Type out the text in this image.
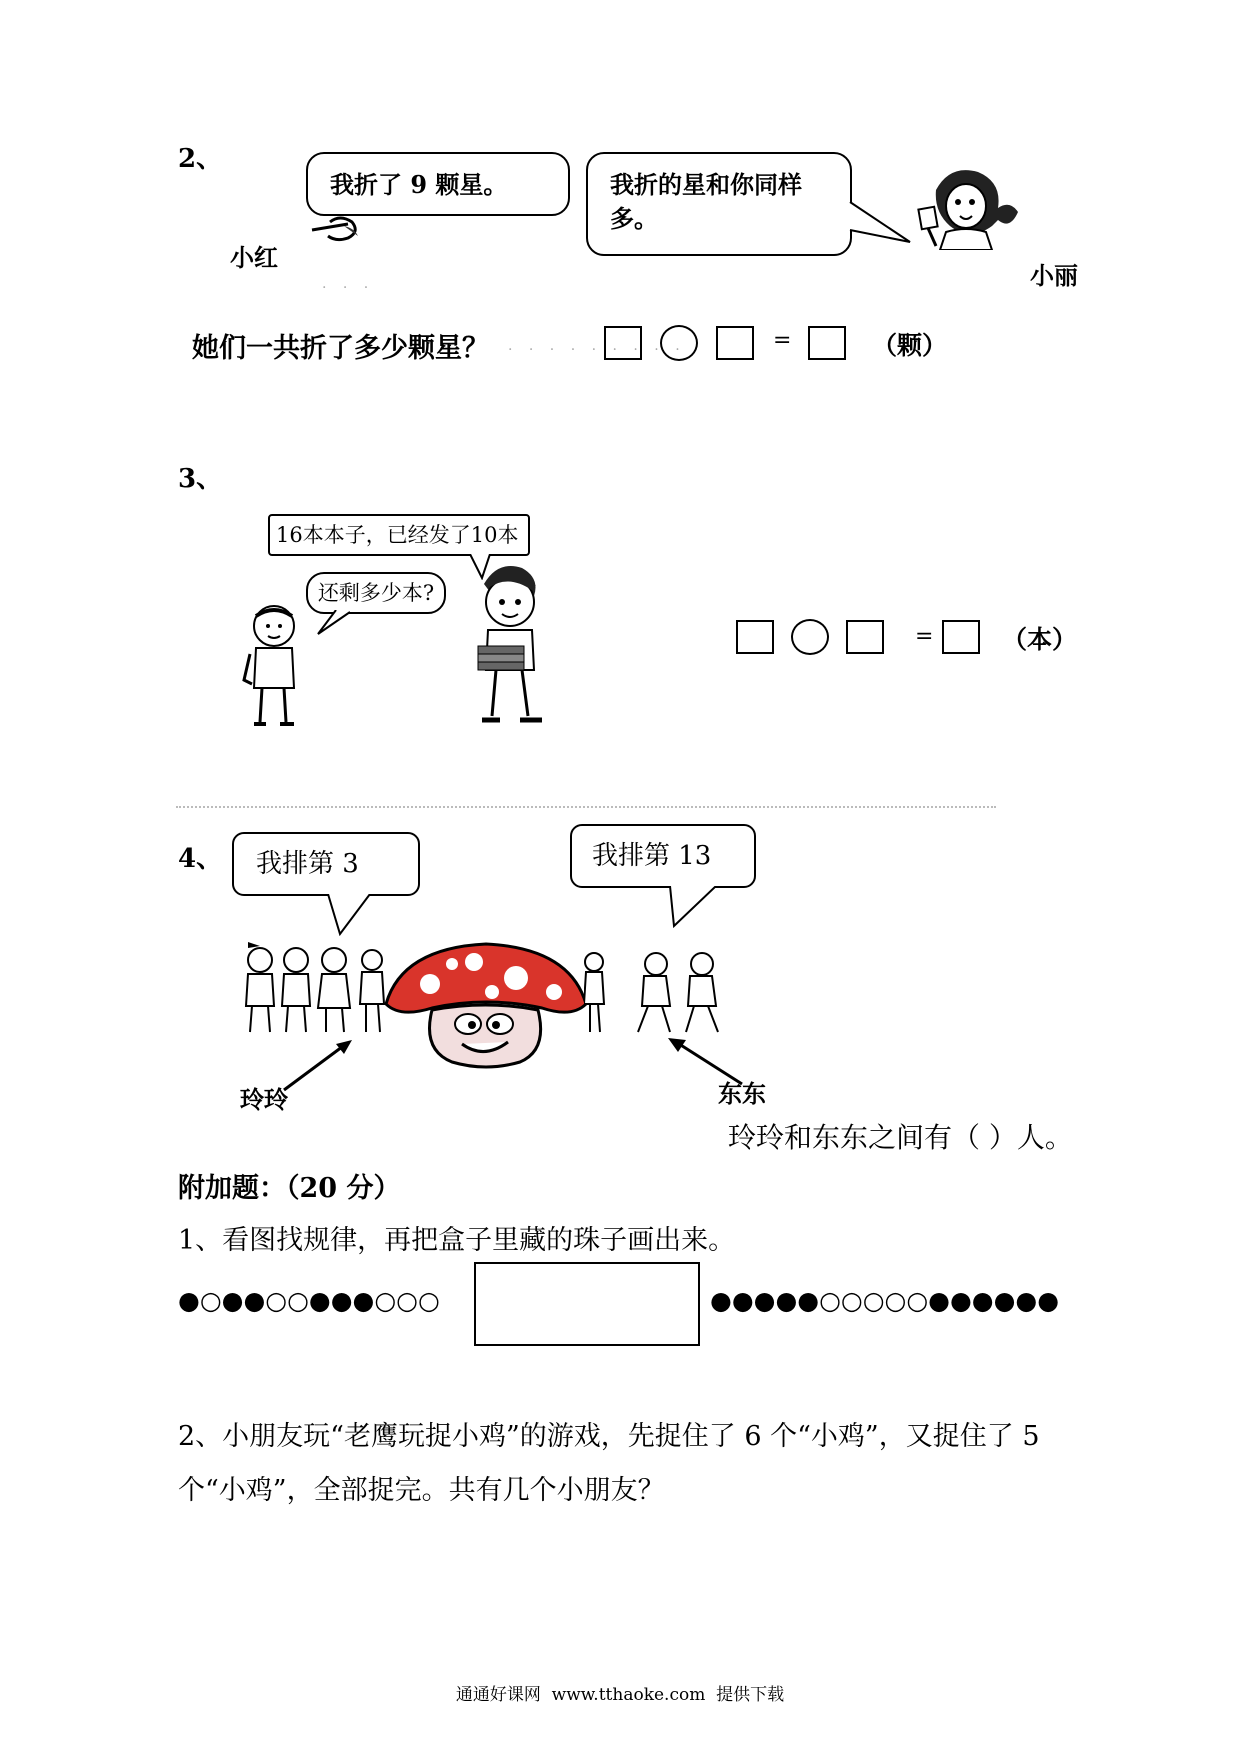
2、
我折了 9 颗星。	我折的星和你同样多。
小红
小丽
. . .
她们一共折了多少颗星？ . . . . . . . . .	=	（颗）
3、
16本本子，已经发了10本
还剩多少本?
=	（本）
4、	我排第 3	我排第 13
玲玲	东东
玲玲和东东之间有（ ）人。
附加题：（20 分）
1、看图找规律，再把盒子里藏的珠子画出来。
●○●●○○●●●○○○	●●●●●○○○○○●●●●●●
2、小朋友玩“老鹰玩捉小鸡”的游戏，先捉住了 6 个“小鸡”，又捉住了 5
个“小鸡”，全部捉完。共有几个小朋友？
通通好课网  www.tthaoke.com  提供下载
